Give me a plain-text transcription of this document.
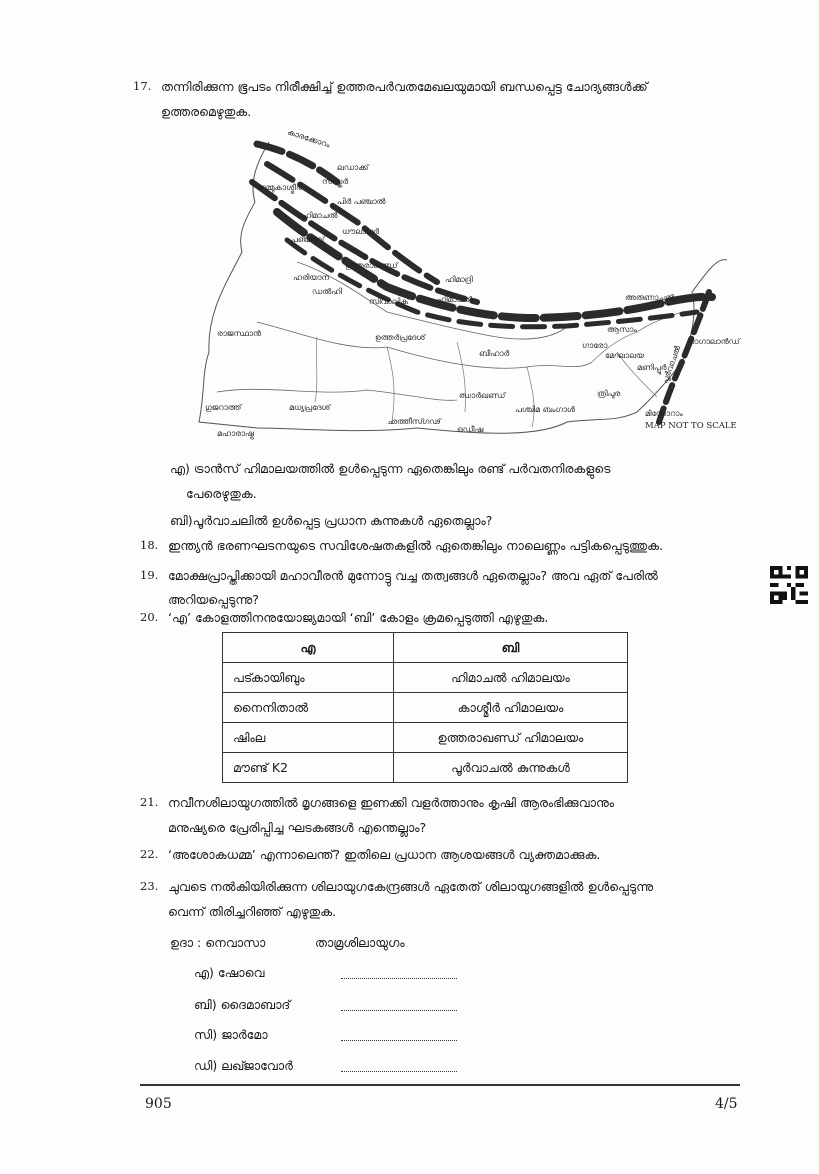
17. തന്നിരിക്കുന്ന ഭൂപടം നിരീക്ഷിച്ച് ഉത്തരപർവതമേഖലയുമായി ബന്ധപ്പെട്ട ചോദ്യങ്ങൾക്ക്
ഉത്തരമെഴുതുക.
കാരക്കോറം
ലഡാക്ക്
സസ്കർ
ജമ്മുകാശ്മീർ
പിർ പഞ്ചാൽ
ഹിമാചൽ
ധൗലാധർ
പഞ്ചാബ്
ഉത്തരാഖണ്ഡ്
ഹരിയാന
ഡൽഹി
സിവാലിക്
ഹിമാദ്രി
ഹിമാചൽ	അരുണാചൽ
ആസാം
നാഗാലാൻഡ്
പൂർവാചൽ
ഗാരോ
മേഘാലയ
മണിപ്പൂർ
ത്രിപുര
മിസോറാം
രാജസ്ഥാൻ	ഉത്തർപ്രദേശ്
ബീഹാർ
ഝാർഖണ്ഡ്
പശ്ചിമ ബംഗാൾ
ഗുജറാത്ത്	മധ്യപ്രദേശ്
ഛത്തീസ്ഗഢ്
ഒഡീഷ
മഹാരാഷ്ട്ര
MAP NOT TO SCALE
എ) ട്രാൻസ് ഹിമാലയത്തിൽ ഉൾപ്പെടുന്ന ഏതെങ്കിലും രണ്ട് പർവതനിരകളുടെ
പേരെഴുതുക.
ബി)പൂർവാചലിൽ ഉൾപ്പെട്ട പ്രധാന കുന്നുകൾ ഏതെല്ലാം?
18. ഇന്ത്യൻ ഭരണഘടനയുടെ സവിശേഷതകളിൽ ഏതെങ്കിലും നാലെണ്ണം പട്ടികപ്പെടുത്തുക.
19. മോക്ഷപ്രാപ്തിക്കായി മഹാവീരൻ മുന്നോട്ടു വച്ച തത്വങ്ങൾ ഏതെല്ലാം? അവ ഏത് പേരിൽ
അറിയപ്പെടുന്നു?
20. ‘എ’ കോളത്തിനനുയോജ്യമായി ‘ബി’ കോളം ക്രമപ്പെടുത്തി എഴുതുക.
എ	ബി
പട്കായിബും	ഹിമാചൽ ഹിമാലയം
നൈനിതാൽ	കാശ്മീർ ഹിമാലയം
ഷിംല	ഉത്തരാഖണ്ഡ് ഹിമാലയം
മൗണ്ട് K2	പൂർവാചൽ കുന്നുകൾ
21. നവീനശിലായുഗത്തിൽ മൃഗങ്ങളെ ഇണക്കി വളർത്താനും കൃഷി ആരംഭിക്കുവാനും
മനുഷ്യരെ പ്രേരിപ്പിച്ച ഘടകങ്ങൾ എന്തെല്ലാം?
22. ‘അശോകധമ്മ’ എന്നാലെന്ത്? ഇതിലെ പ്രധാന ആശയങ്ങൾ വ്യക്തമാക്കുക.
23. ചുവടെ നൽകിയിരിക്കുന്ന ശിലായുഗകേന്ദ്രങ്ങൾ ഏതേത് ശിലായുഗങ്ങളിൽ ഉൾപ്പെടുന്നു
വെന്ന് തിരിച്ചറിഞ്ഞ് എഴുതുക.
ഉദാ : നെവാസാ	താമ്രശിലായുഗം
എ) ഷോവെ
ബി) ദൈമാബാദ്
സി) ജാർമോ
ഡി) ലഖ്ജാവോർ
905	4/5
